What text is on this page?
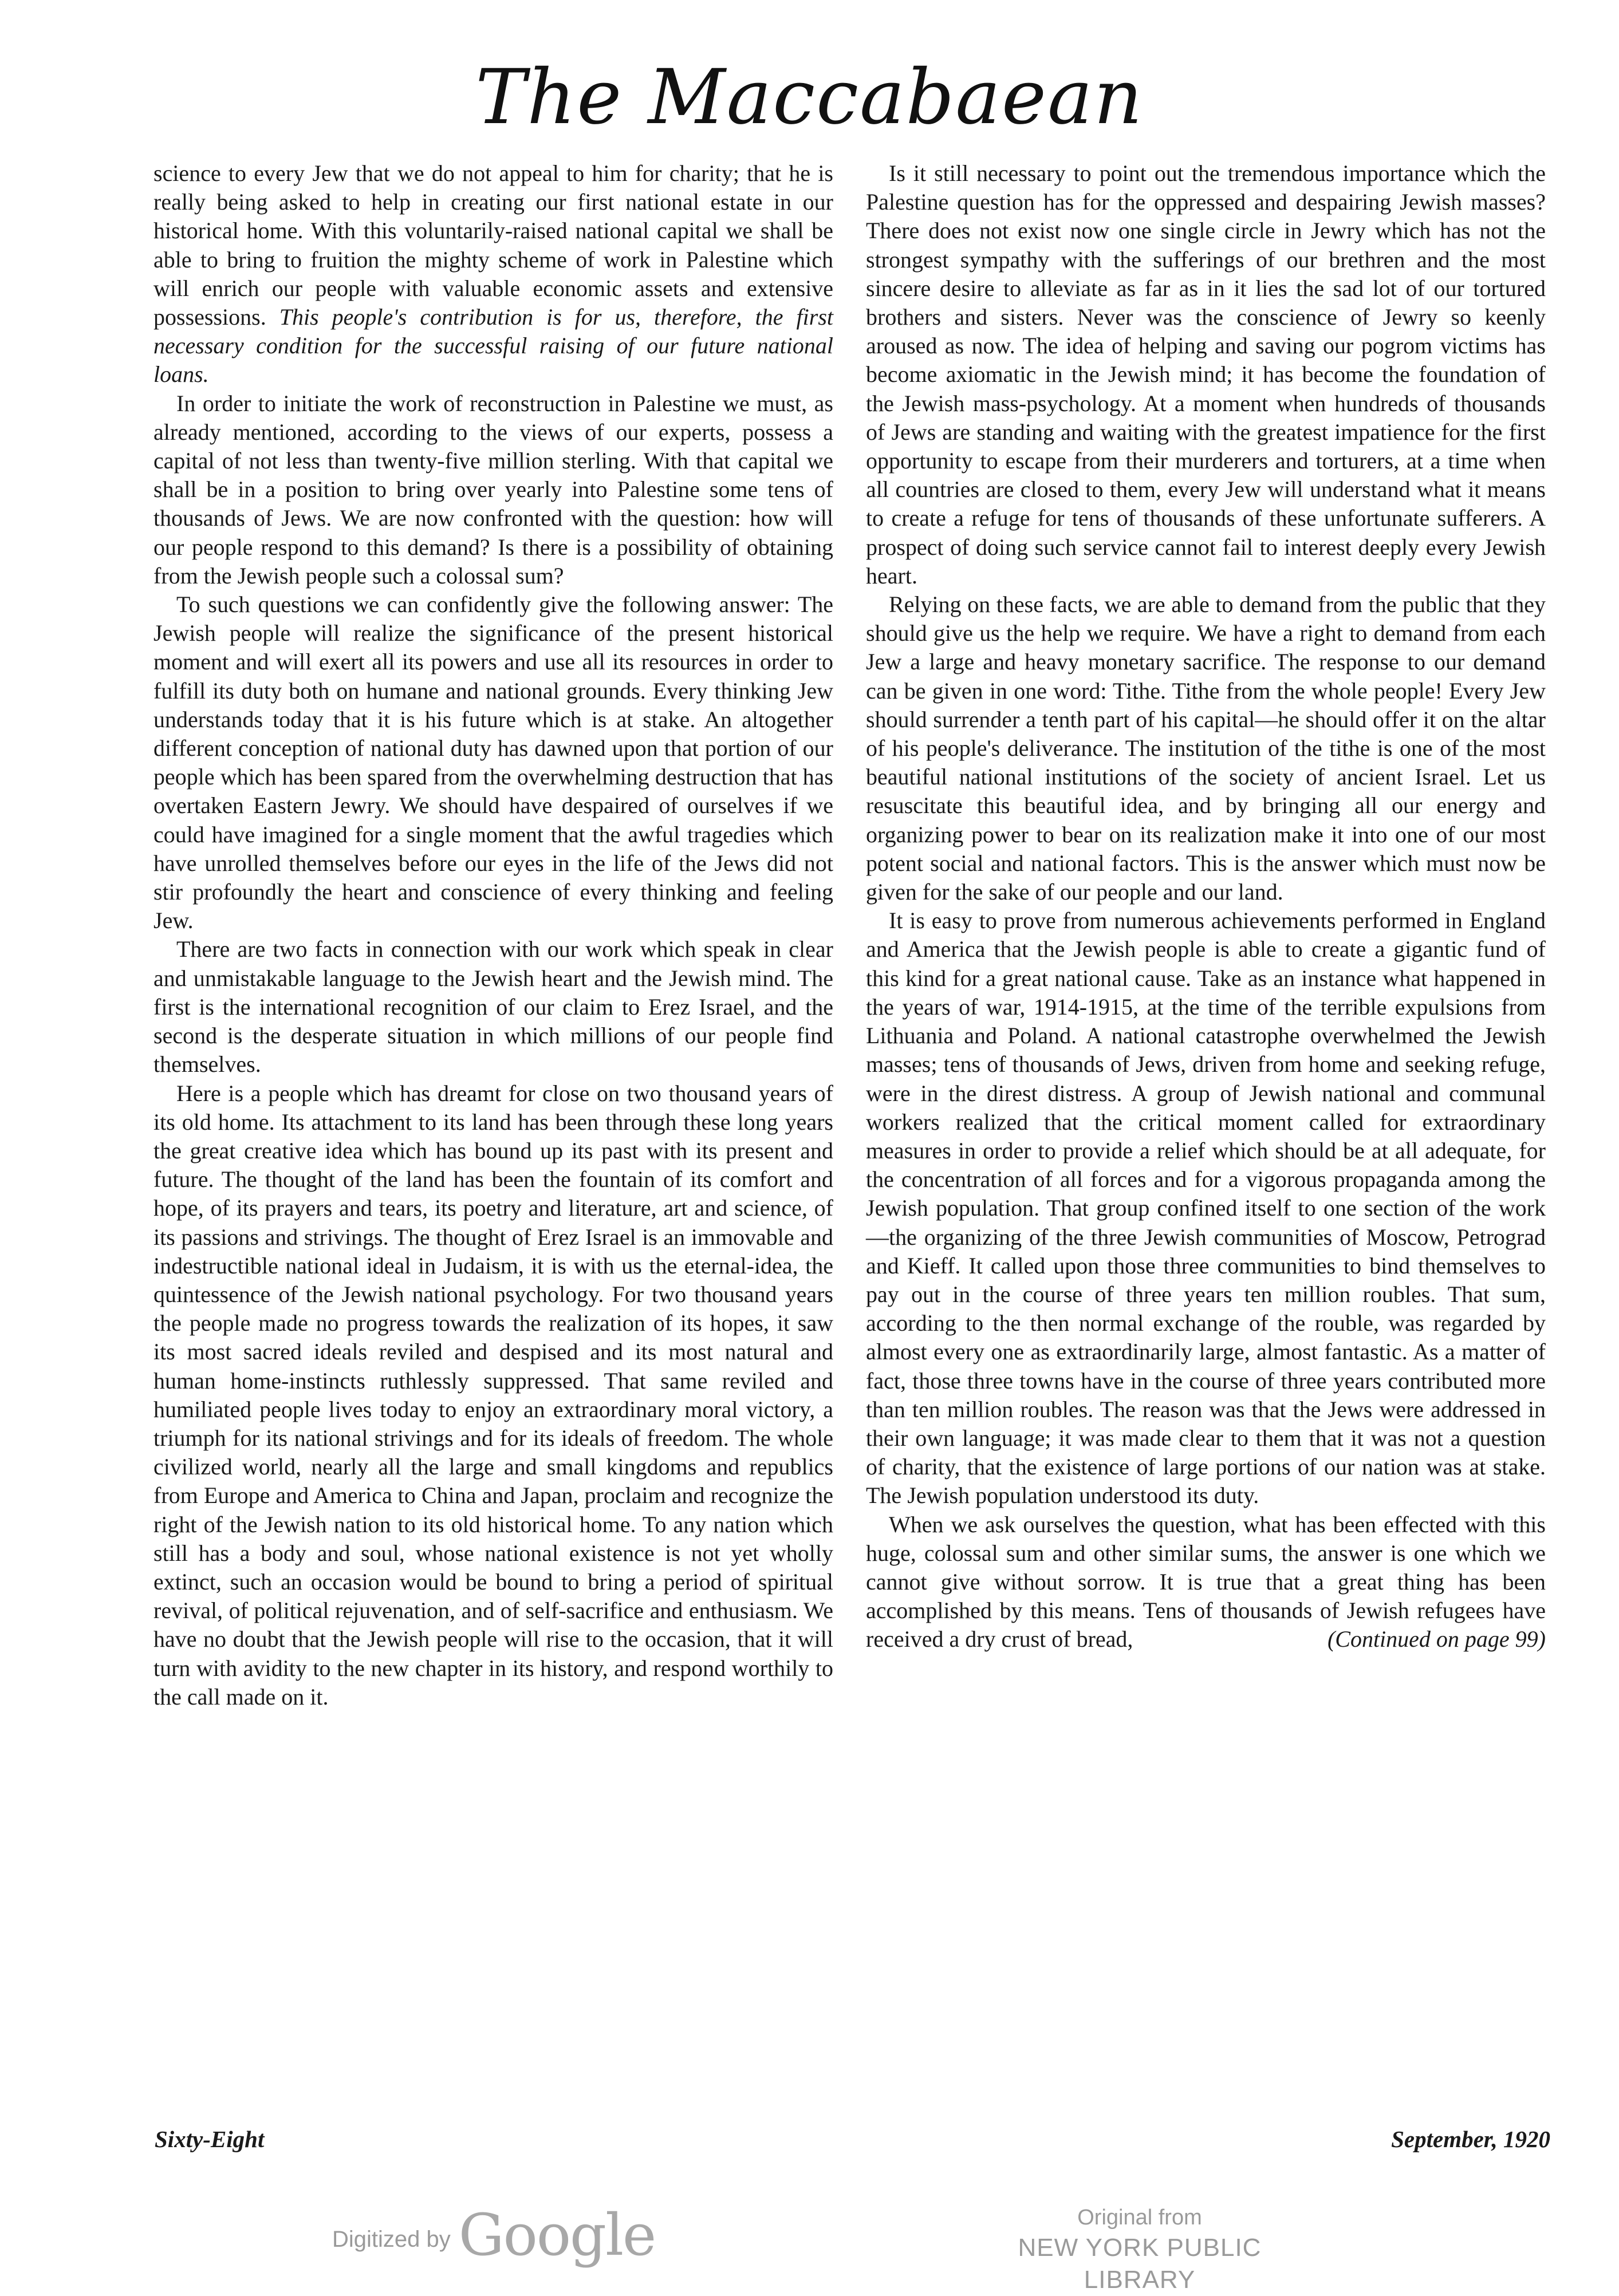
The Maccabaean

science to every Jew that we do not appeal to him for charity; that he is really being asked to help in creating our first national estate in our historical home. With this voluntarily-raised national capital we shall be able to bring to fruition the mighty scheme of work in Palestine which will enrich our people with valuable economic assets and extensive possessions. This people's contribution is for us, therefore, the first necessary condition for the successful raising of our future national loans.

In order to initiate the work of reconstruction in Palestine we must, as already mentioned, according to the views of our experts, possess a capital of not less than twenty-five million sterling. With that capital we shall be in a position to bring over yearly into Palestine some tens of thousands of Jews. We are now confronted with the question: how will our people respond to this demand? Is there is a possibility of obtaining from the Jewish people such a colossal sum?

To such questions we can confidently give the following answer: The Jewish people will realize the significance of the present historical moment and will exert all its powers and use all its resources in order to fulfill its duty both on humane and national grounds. Every thinking Jew understands today that it is his future which is at stake. An altogether different conception of national duty has dawned upon that portion of our people which has been spared from the overwhelming destruction that has overtaken Eastern Jewry. We should have despaired of ourselves if we could have imagined for a single moment that the awful tragedies which have unrolled themselves before our eyes in the life of the Jews did not stir profoundly the heart and conscience of every thinking and feeling Jew.

There are two facts in connection with our work which speak in clear and unmistakable language to the Jewish heart and the Jewish mind. The first is the international recognition of our claim to Erez Israel, and the second is the desperate situation in which millions of our people find themselves.

Here is a people which has dreamt for close on two thousand years of its old home. Its attachment to its land has been through these long years the great creative idea which has bound up its past with its present and future. The thought of the land has been the fountain of its comfort and hope, of its prayers and tears, its poetry and literature, art and science, of its passions and strivings. The thought of Erez Israel is an immovable and indestructible national ideal in Judaism, it is with us the eternal-idea, the quintessence of the Jewish national psychology. For two thousand years the people made no progress towards the realization of its hopes, it saw its most sacred ideals reviled and despised and its most natural and human home-instincts ruthlessly suppressed. That same reviled and humiliated people lives today to enjoy an extraordinary moral victory, a triumph for its national strivings and for its ideals of freedom. The whole civilized world, nearly all the large and small kingdoms and republics from Europe and America to China and Japan, proclaim and recognize the right of the Jewish nation to its old historical home. To any nation which still has a body and soul, whose national existence is not yet wholly extinct, such an occasion would be bound to bring a period of spiritual revival, of political rejuvenation, and of self-sacrifice and enthusiasm. We have no doubt that the Jewish people will rise to the occasion, that it will turn with avidity to the new chapter in its history, and respond worthily to the call made on it.

Is it still necessary to point out the tremendous importance which the Palestine question has for the oppressed and despairing Jewish masses? There does not exist now one single circle in Jewry which has not the strongest sympathy with the sufferings of our brethren and the most sincere desire to alleviate as far as in it lies the sad lot of our tortured brothers and sisters. Never was the conscience of Jewry so keenly aroused as now. The idea of helping and saving our pogrom victims has become axiomatic in the Jewish mind; it has become the foundation of the Jewish mass-psychology. At a moment when hundreds of thousands of Jews are standing and waiting with the greatest impatience for the first opportunity to escape from their murderers and torturers, at a time when all countries are closed to them, every Jew will understand what it means to create a refuge for tens of thousands of these unfortunate sufferers. A prospect of doing such service cannot fail to interest deeply every Jewish heart.

Relying on these facts, we are able to demand from the public that they should give us the help we require. We have a right to demand from each Jew a large and heavy monetary sacrifice. The response to our demand can be given in one word: Tithe. Tithe from the whole people! Every Jew should surrender a tenth part of his capital—he should offer it on the altar of his people's deliverance. The institution of the tithe is one of the most beautiful national institutions of the society of ancient Israel. Let us resuscitate this beautiful idea, and by bringing all our energy and organizing power to bear on its realization make it into one of our most potent social and national factors. This is the answer which must now be given for the sake of our people and our land.

It is easy to prove from numerous achievements performed in England and America that the Jewish people is able to create a gigantic fund of this kind for a great national cause. Take as an instance what happened in the years of war, 1914-1915, at the time of the terrible expulsions from Lithuania and Poland. A national catastrophe overwhelmed the Jewish masses; tens of thousands of Jews, driven from home and seeking refuge, were in the direst distress. A group of Jewish national and communal workers realized that the critical moment called for extraordinary measures in order to provide a relief which should be at all adequate, for the concentration of all forces and for a vigorous propaganda among the Jewish population. That group confined itself to one section of the work—the organizing of the three Jewish communities of Moscow, Petrograd and Kieff. It called upon those three communities to bind themselves to pay out in the course of three years ten million roubles. That sum, according to the then normal exchange of the rouble, was regarded by almost every one as extraordinarily large, almost fantastic. As a matter of fact, those three towns have in the course of three years contributed more than ten million roubles. The reason was that the Jews were addressed in their own language; it was made clear to them that it was not a question of charity, that the existence of large portions of our nation was at stake. The Jewish population understood its duty.

When we ask ourselves the question, what has been effected with this huge, colossal sum and other similar sums, the answer is one which we cannot give without sorrow. It is true that a great thing has been accomplished by this means. Tens of thousands of Jewish refugees have received a dry crust of bread,	(Continued on page 99)

Sixty-Eight	September, 1920
Digitized by Google	Original from
NEW YORK PUBLIC LIBRARY
